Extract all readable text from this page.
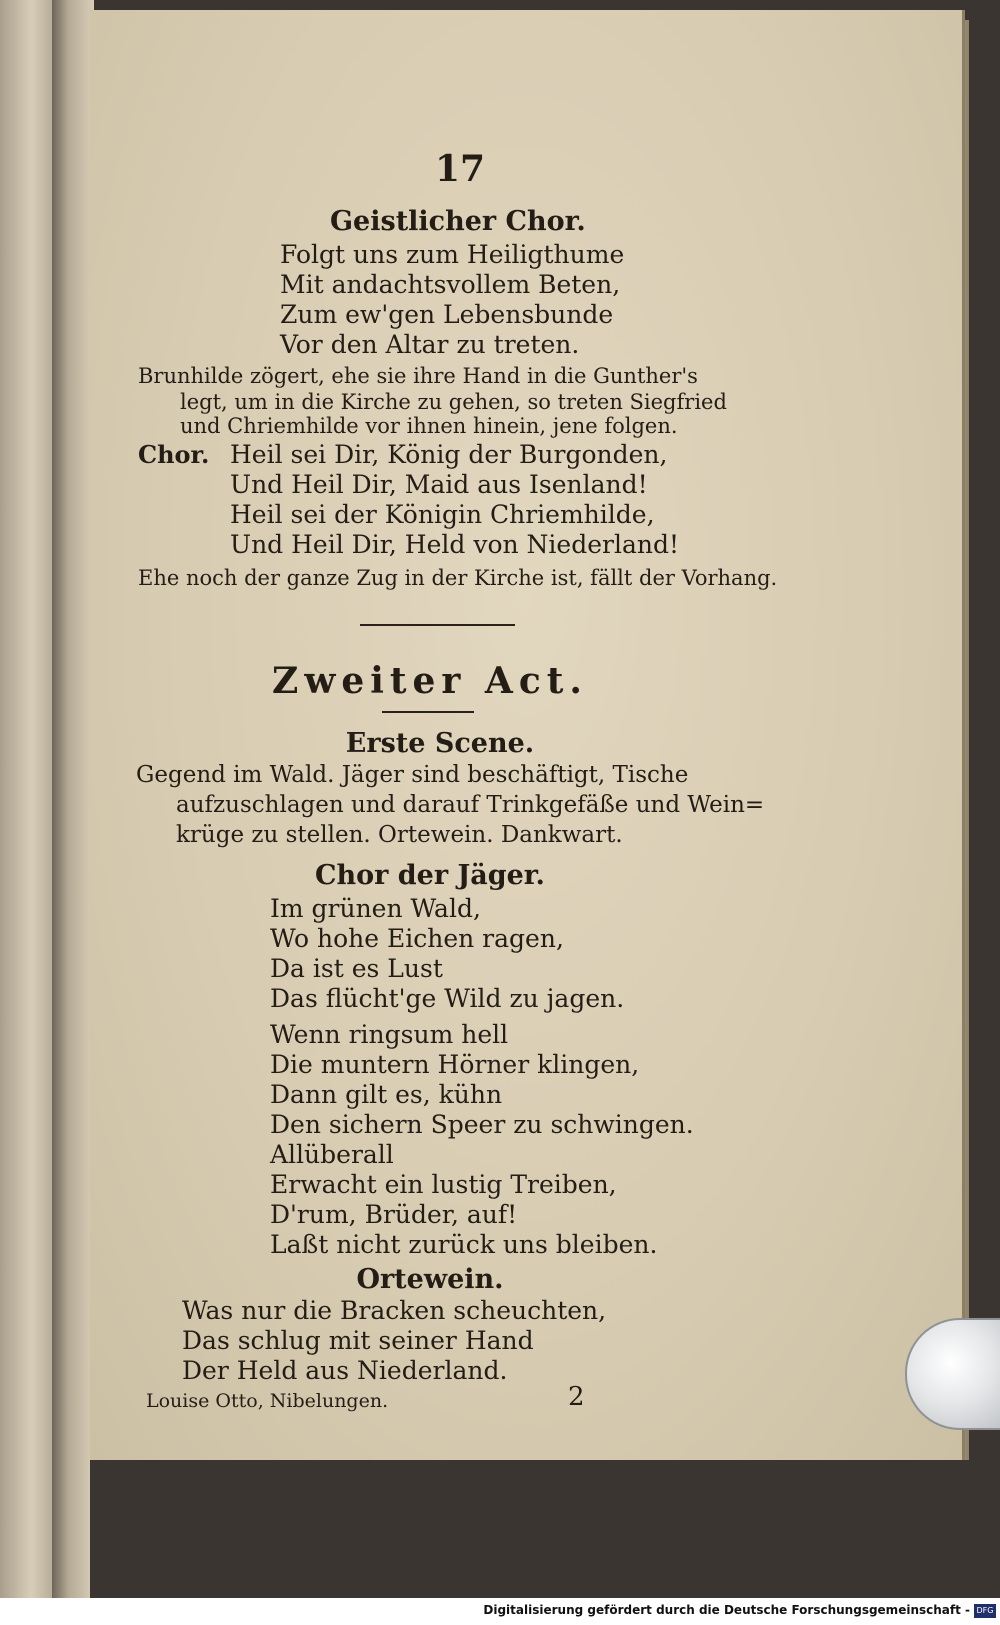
17
Geistlicher Chor.
Folgt uns zum Heiligthume
Mit andachtsvollem Beten,
Zum ew'gen Lebensbunde
Vor den Altar zu treten.
Brunhilde zögert, ehe sie ihre Hand in die Gunther's
legt, um in die Kirche zu gehen, so treten Siegfried
und Chriemhilde vor ihnen hinein, jene folgen.
Chor. Heil sei Dir, König der Burgonden,
Und Heil Dir, Maid aus Isenland!
Heil sei der Königin Chriemhilde,
Und Heil Dir, Held von Niederland!
Ehe noch der ganze Zug in der Kirche ist, fällt der Vorhang.
Zweiter Act.
Erste Scene.
Gegend im Wald. Jäger sind beschäftigt, Tische
aufzuschlagen und darauf Trinkgefäße und Wein=
krüge zu stellen. Ortewein. Dankwart.
Chor der Jäger.
Im grünen Wald,
Wo hohe Eichen ragen,
Da ist es Lust
Das flücht'ge Wild zu jagen.
Wenn ringsum hell
Die muntern Hörner klingen,
Dann gilt es, kühn
Den sichern Speer zu schwingen.
Allüberall
Erwacht ein lustig Treiben,
D'rum, Brüder, auf!
Laßt nicht zurück uns bleiben.
Ortewein.
Was nur die Bracken scheuchten,
Das schlug mit seiner Hand
Der Held aus Niederland.
Louise Otto, Nibelungen.	2
Digitalisierung gefördert durch die Deutsche Forschungsgemeinschaft - DFG
